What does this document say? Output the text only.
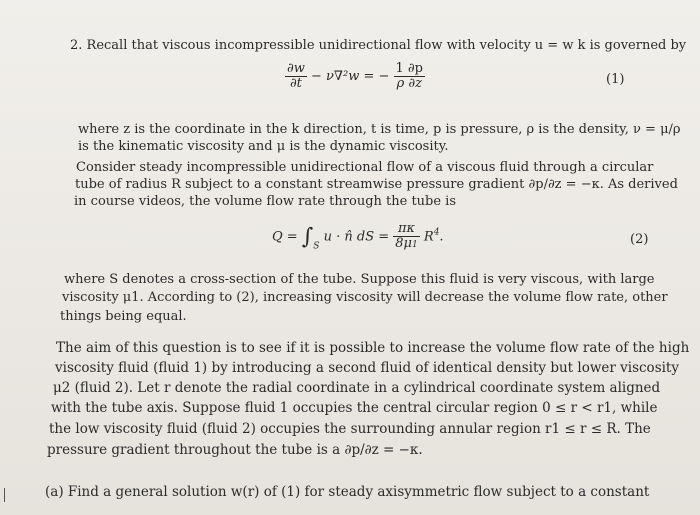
2. Recall that viscous incompressible unidirectional flow with velocity u = w k is governed by
$\frac{\partial w}{\partial t} - \nu\nabla^2w$ = − $\frac{1 \partial p}{\rho \partial z}$	(1)
where z is the coordinate in the k direction, t is time, p is pressure, ρ is the density, ν = μ/ρ
is the kinematic viscosity and μ is the dynamic viscosity.
Consider steady incompressible unidirectional flow of a viscous fluid through a circular
tube of radius R subject to a constant streamwise pressure gradient ∂p/∂z = −κ. As derived
in course videos, the volume flow rate through the tube is
$Q = \int_S$ u · n̂ dS = $\frac{\pi\kappa}{8\mu 1} R^4$.	(2)
where S denotes a cross-section of the tube. Suppose this fluid is very viscous, with large
viscosity μ1. According to (2), increasing viscosity will decrease the volume flow rate, other
things being equal.
The aim of this question is to see if it is possible to increase the volume flow rate of the high
viscosity fluid (fluid 1) by introducing a second fluid of identical density but lower viscosity
μ2 (fluid 2). Let r denote the radial coordinate in a cylindrical coordinate system aligned
with the tube axis. Suppose fluid 1 occupies the central circular region 0 ≤ r < r1, while
the low viscosity fluid (fluid 2) occupies the surrounding annular region r1 ≤ r ≤ R. The
pressure gradient throughout the tube is a ∂p/∂z = −κ.
(a) Find a general solution w(r) of (1) for steady axisymmetric flow subject to a constant
